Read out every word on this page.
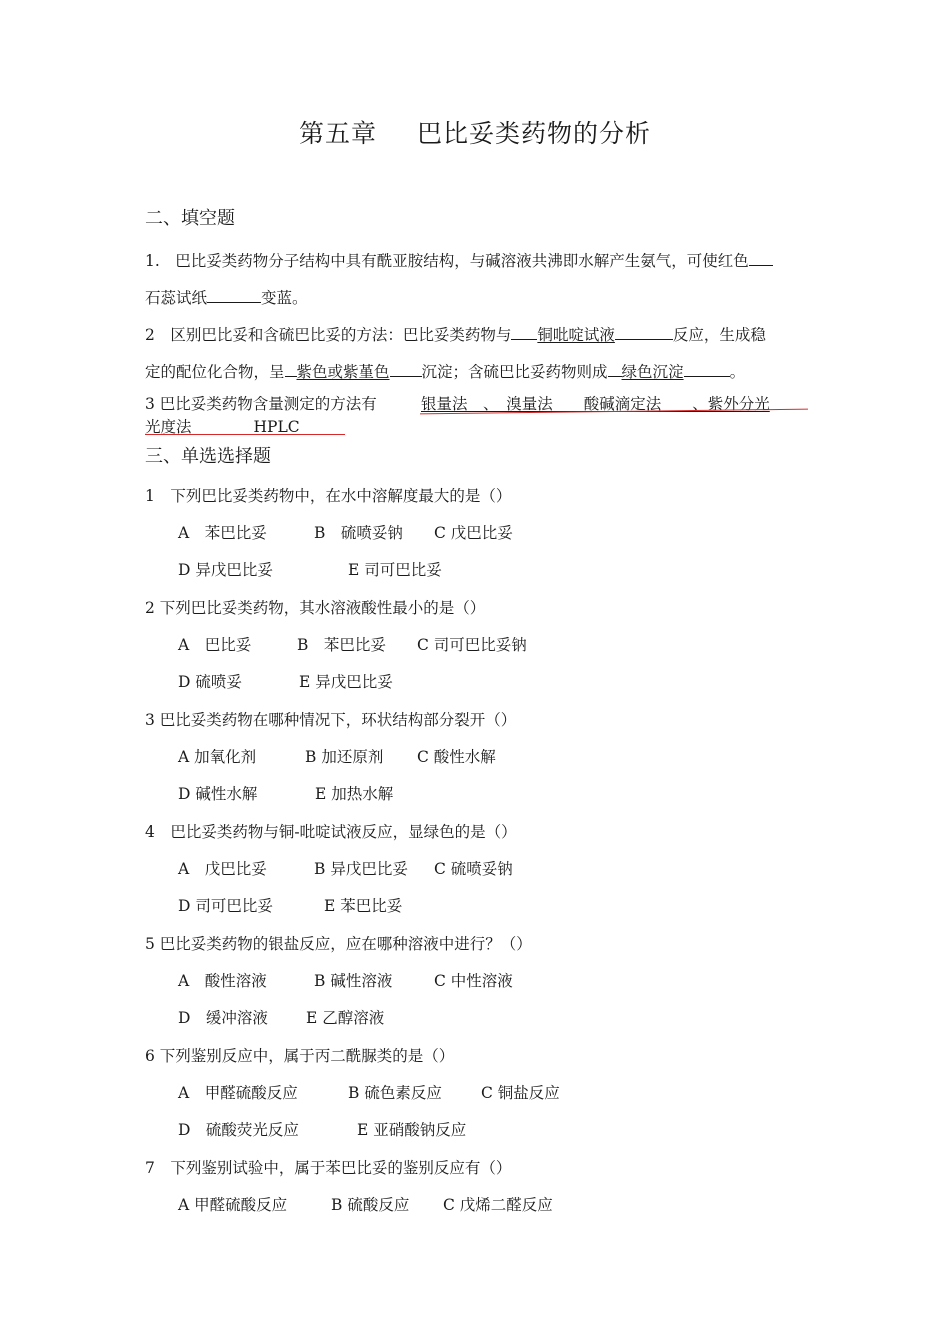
第五章 巴比妥类药物的分析
二、填空题
1.　巴比妥类药物分子结构中具有酰亚胺结构，与碱溶液共沸即水解产生氨气，可使红色
石蕊试纸	变蓝。
2　区别巴比妥和含硫巴比妥的方法：巴比妥类药物与 铜吡啶试液	反应，生成稳
定的配位化合物，呈 紫色或紫堇色 沉淀；含硫巴比妥药物则成 绿色沉淀	。
3 巴比妥类药物含量测定的方法有	银量法　、　溴量法　　酸碱滴定法　　、紫外分光
光度法　　　　HPLC　　
三、单选选择题
1　下列巴比妥类药物中，在水中溶解度最大的是（）
A　苯巴比妥	B　硫喷妥钠 C 戊巴比妥
D 异戊巴比妥	E 司可巴比妥
2 下列巴比妥类药物，其水溶液酸性最小的是（）
A　巴比妥	B　苯巴比妥 C 司可巴比妥钠
D 硫喷妥	E 异戊巴比妥
3 巴比妥类药物在哪种情况下，环状结构部分裂开（）
A 加氧化剂	B 加还原剂 C 酸性水解
D 碱性水解	E 加热水解
4　巴比妥类药物与铜-吡啶试液反应，显绿色的是（）
A　戊巴比妥	B 异戊巴比妥 C 硫喷妥钠
D 司可巴比妥	E 苯巴比妥
5 巴比妥类药物的银盐反应，应在哪种溶液中进行？（）
A　酸性溶液	B 碱性溶液	C 中性溶液
D　缓冲溶液 E 乙醇溶液
6 下列鉴别反应中，属于丙二酰脲类的是（）
A　甲醛硫酸反应	B 硫色素反应	C 铜盐反应
D　硫酸荧光反应	E 亚硝酸钠反应
7　下列鉴别试验中，属于苯巴比妥的鉴别反应有（）
A 甲醛硫酸反应	B 硫酸反应 C 戊烯二醛反应
